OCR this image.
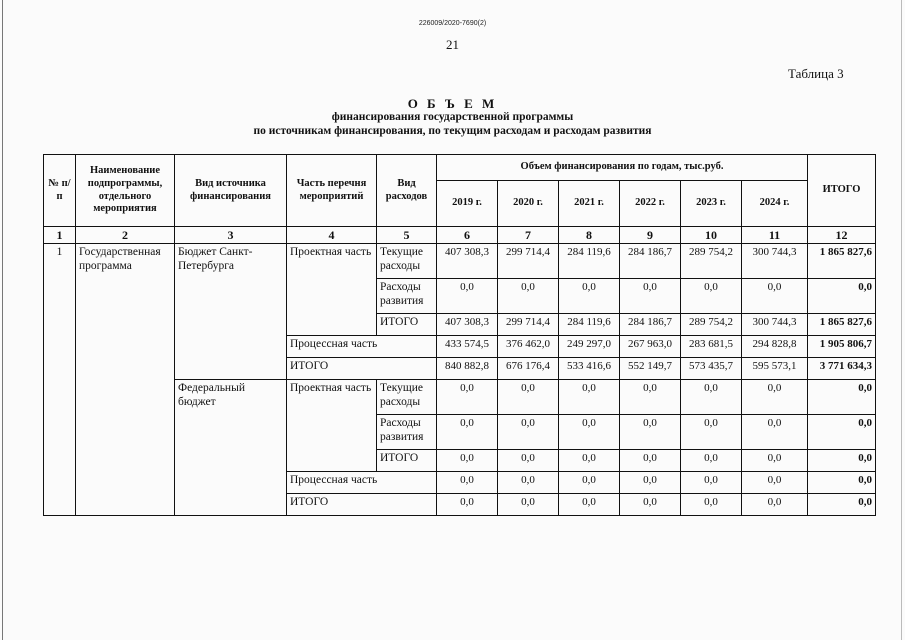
226009/2020-7690(2)
21
Таблица 3
О Б Ъ Е М
финансирования государственной программы
по источникам финансирования, по текущим расходам и расходам развития
№ п/п	Наименование подпрограммы, отдельного мероприятия	Вид источника финансирования	Часть перечня мероприятий	Вид расходов	Объем финансирования по годам, тыс.руб.						ИТОГО
					2019 г.	2020 г.	2021 г.	2022 г.	2023 г.	2024 г.	
1	2	3	4	5	6	7	8	9	10	11	12
1	Государственная программа	Бюджет Санкт-Петербурга	Проектная часть	Текущие расходы	407 308,3	299 714,4	284 119,6	284 186,7	289 754,2	300 744,3	1 865 827,6
				Расходы развития	0,0	0,0	0,0	0,0	0,0	0,0	0,0
				ИТОГО	407 308,3	299 714,4	284 119,6	284 186,7	289 754,2	300 744,3	1 865 827,6
			Процессная часть		433 574,5	376 462,0	249 297,0	267 963,0	283 681,5	294 828,8	1 905 806,7
			ИТОГО		840 882,8	676 176,4	533 416,6	552 149,7	573 435,7	595 573,1	3 771 634,3
		Федеральный бюджет	Проектная часть	Текущие расходы	0,0	0,0	0,0	0,0	0,0	0,0	0,0
				Расходы развития	0,0	0,0	0,0	0,0	0,0	0,0	0,0
				ИТОГО	0,0	0,0	0,0	0,0	0,0	0,0	0,0
			Процессная часть		0,0	0,0	0,0	0,0	0,0	0,0	0,0
			ИТОГО		0,0	0,0	0,0	0,0	0,0	0,0	0,0
